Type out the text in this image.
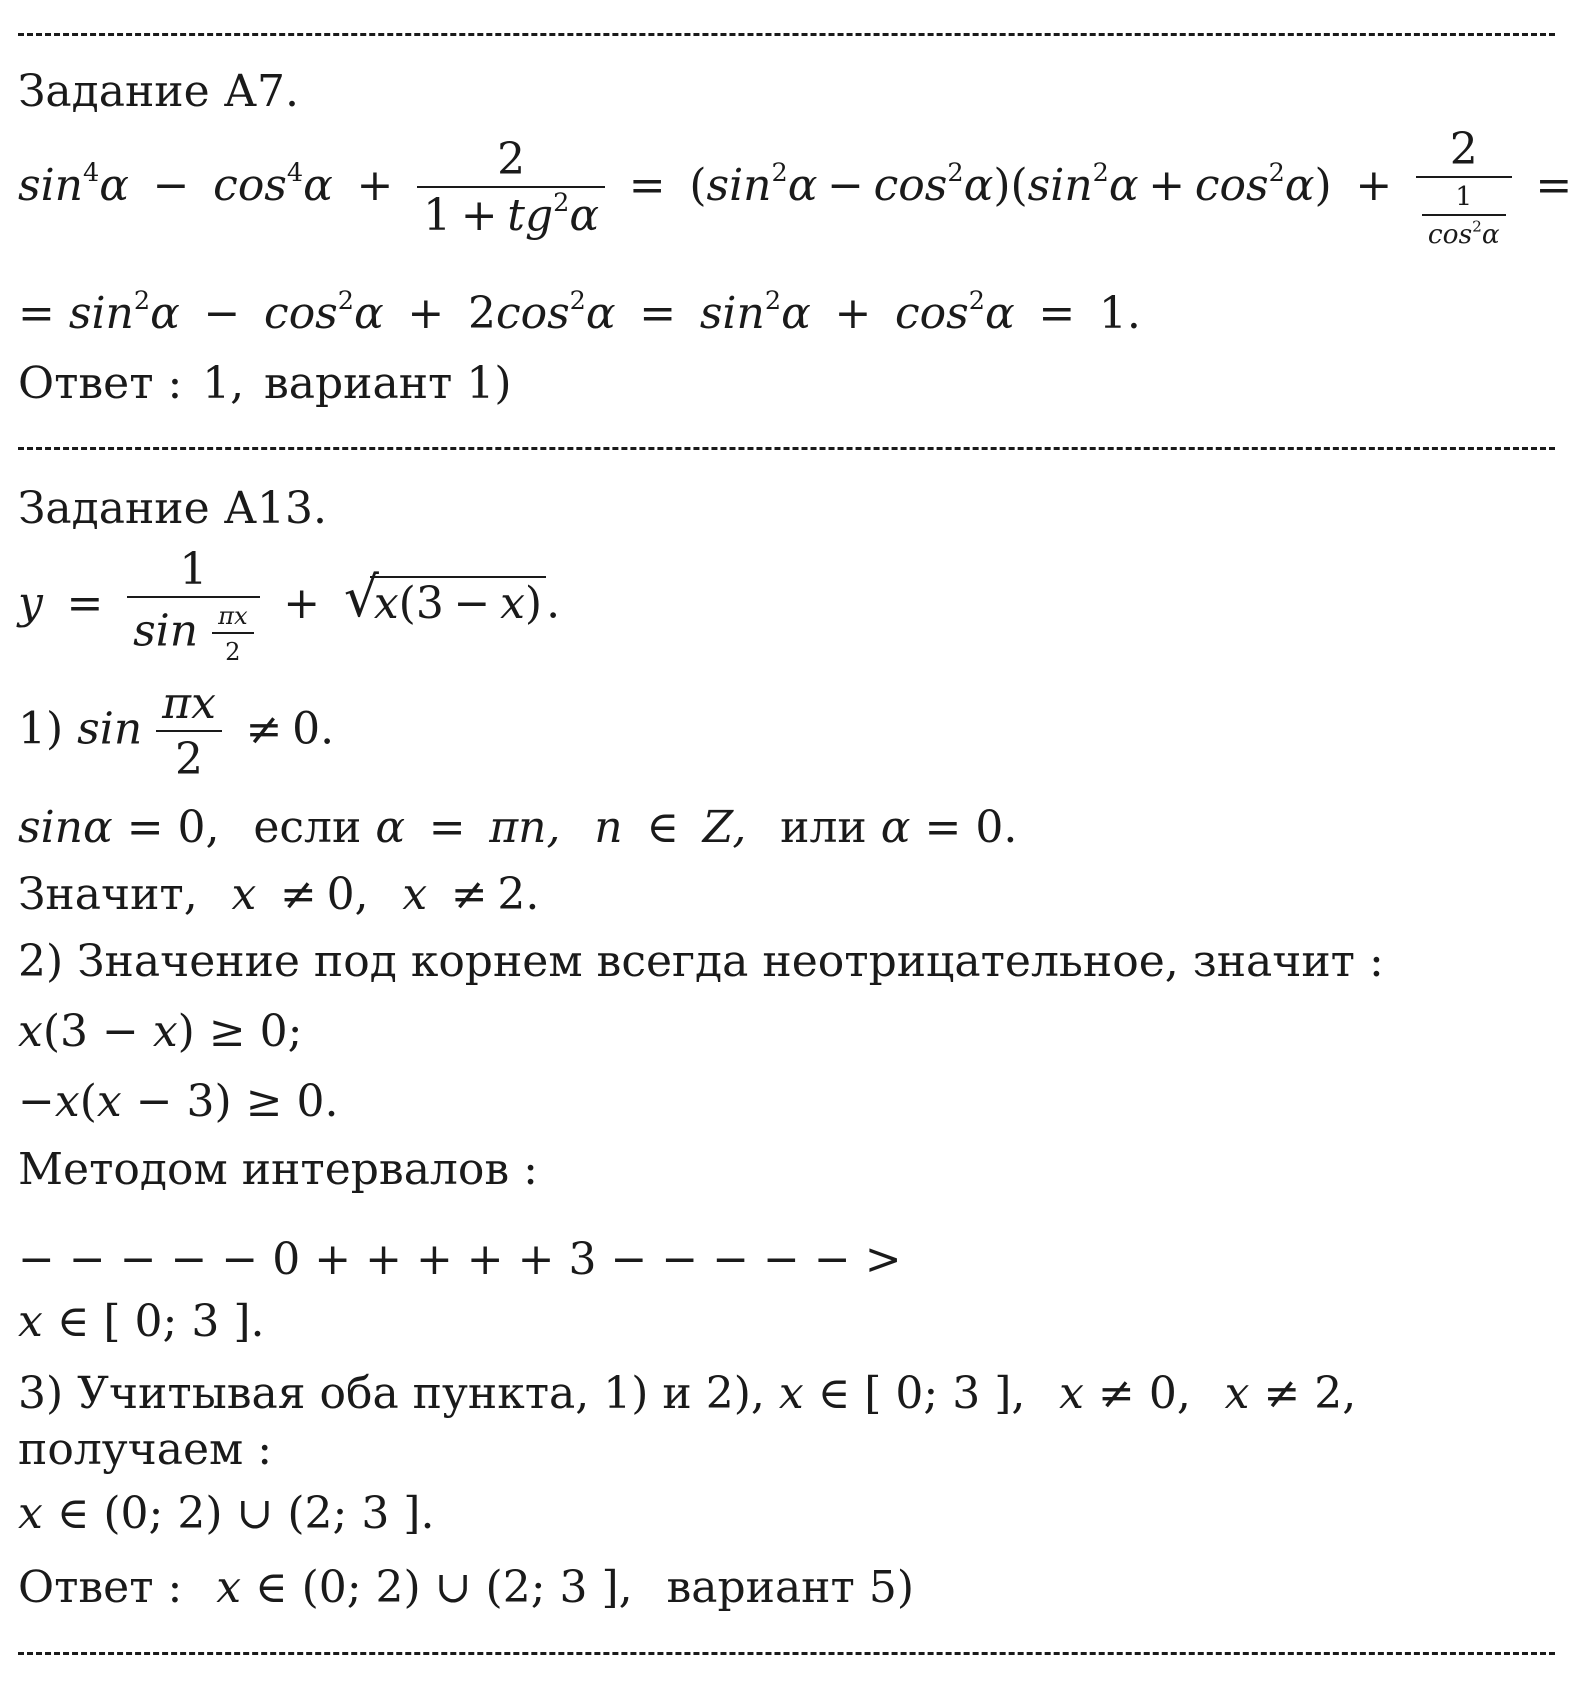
Задание А7.
$\sin^4\alpha - \cos^4\alpha + \frac{2}{1 + tg^2\alpha} = (\sin^2\alpha - \cos^2\alpha)(\sin^2\alpha + \cos^2\alpha) + \frac{2}{\frac{1}{\cos^2\alpha}}$ =
= $\sin^2\alpha - \cos^2\alpha + 2\cos^2\alpha = \sin^2\alpha + \cos^2\alpha = 1$.
Ответ : 1, вариант 1)
Задание А13.
$y = \frac{1}{\sin \frac{\pi x}{2}}$ + √
x(3 − x).
1) $\sin \frac{\pi x}{2} \ne 0$.
sinα = 0, если α = πn, n ∈ Z, или α = 0.
Значит, x ≠ 0, x ≠ 2.
2) Значение под корнем всегда неотрицательное, значит :
x(3 − x) ≥ 0;
−x(x − 3) ≥ 0.
Методом интервалов :
− − − − − 0 + + + + + 3 − − − − − >
x ∈ [ 0; 3 ].
3) Учитывая оба пункта, 1) и 2), x ∈ [ 0; 3 ], x ≠ 0, x ≠ 2,
получаем :
x ∈ (0; 2) ∪ (2; 3 ].
Ответ : x ∈ (0; 2) ∪ (2; 3 ], вариант 5)
